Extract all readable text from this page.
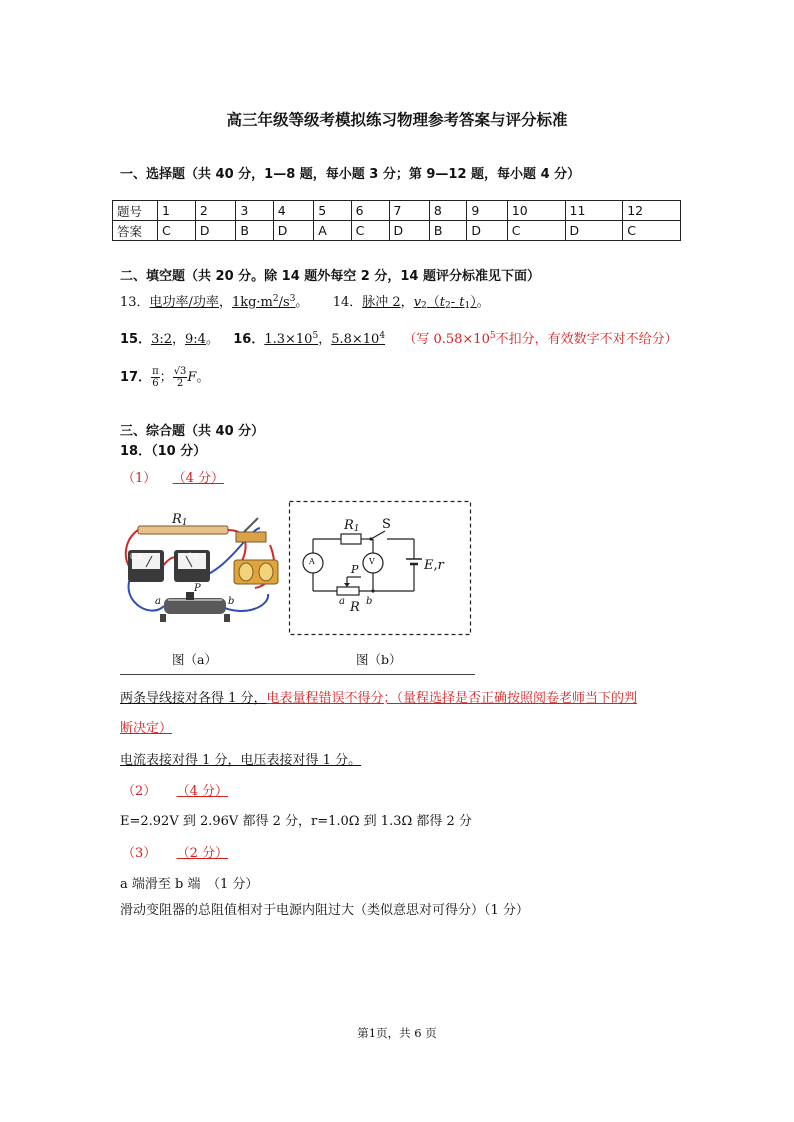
高三年级等级考模拟练习物理参考答案与评分标准
一、选择题（共 40 分，1—8 题，每小题 3 分；第 9—12 题，每小题 4 分）
题号	1	2	3	4	5	6	7	8	9	10	11	12
答案	C	D	B	D	A	C	D	B	D	C	D	C
二、填空题（共 20 分。除 14 题外每空 2 分，14 题评分标准见下面）
13．电功率/功率，$1kg\cdot m^2/s^3$。 14．脉冲 2，$v_2(t_2-$ $t_1$）。
15．3:2，9:4。 16．$1.3\times 10^5$，$5.8\times 10^4$ （写 $0.58\times 10^5$不扣分，有效数字不对不给分）
17． $\frac{\pi}{6}$ ； $\frac{√3}{2}$ F。
三、综合题（共 40 分）
18．（10 分）
（1） （4 分）
$R_1$
0.6	3 15
P
a	b
图（a）
$R_1$ S
A	V
P
a b
R
E,r
图（b）
两条导线接对各得 1 分，电表量程错误不得分；（量程选择是否正确按照阅卷老师当下的判
断决定）
电流表接对得 1 分，电压表接对得 1 分。
（2） （4 分）
E=2.92V 到 2.96V 都得 2 分，r=1.0Ω 到 1.3Ω 都得 2 分
（3） （2 分）
a 端滑至 b 端　（1 分）
滑动变阻器的总阻值相对于电源内阻过大（类似意思对可得分）（1 分）
第1页，共 6 页
